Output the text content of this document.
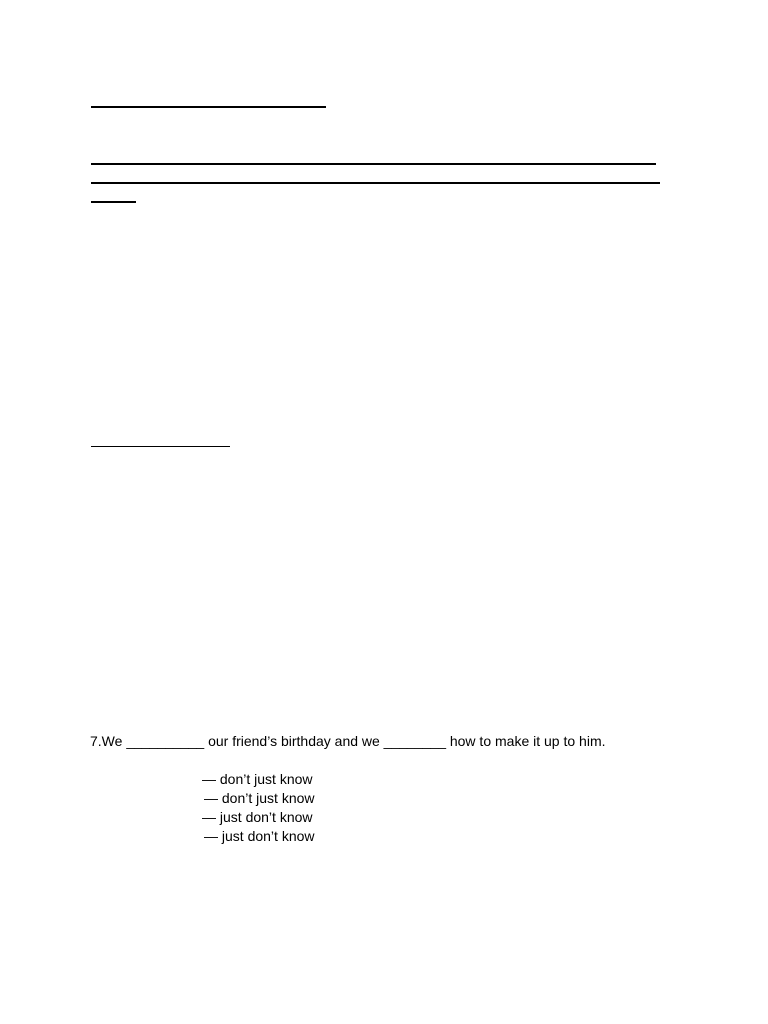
7.We __________ our friend’s birthday and we ________ how to make it up to him.
— don’t just know
— don’t just know
— just don’t know
— just don’t know
